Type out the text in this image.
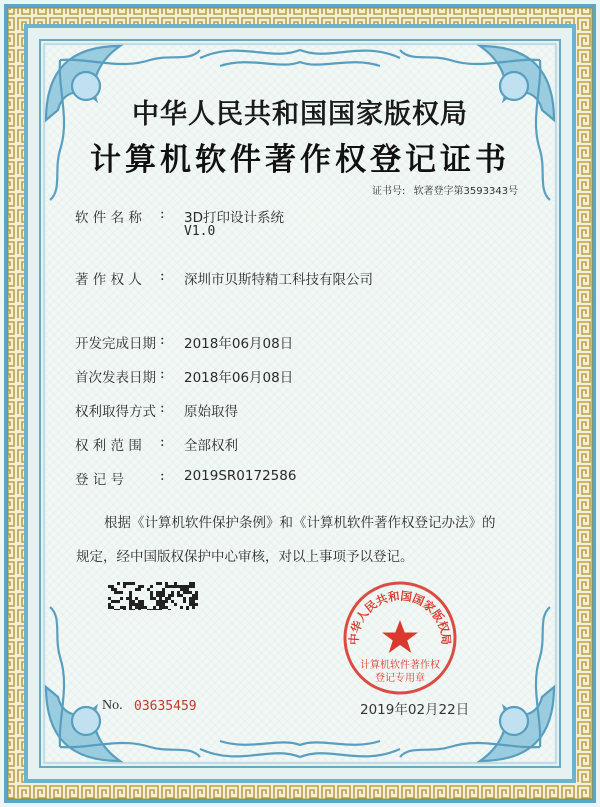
中华人民共和国国家版权局
计算机软件著作权登记证书
证书号: 软著登字第3593343号
软 件 名 称	: 3D打印设计系统
V1.0
著 作 权 人	: 深圳市贝斯特精工科技有限公司
开发完成日期 : 2018年06月08日
首次发表日期 : 2018年06月08日
权利取得方式 : 原始取得
权 利 范 围	: 全部权利
登 记 号	: 2019SR0172586

根据《计算机软件保护条例》和《计算机软件著作权登记办法》的

规定，经中国版权保护中心审核，对以上事项予以登记。

中华人民共和国国家版权局
计算机软件著作权
登记专用章
No. 03635459	2019年02月22日
